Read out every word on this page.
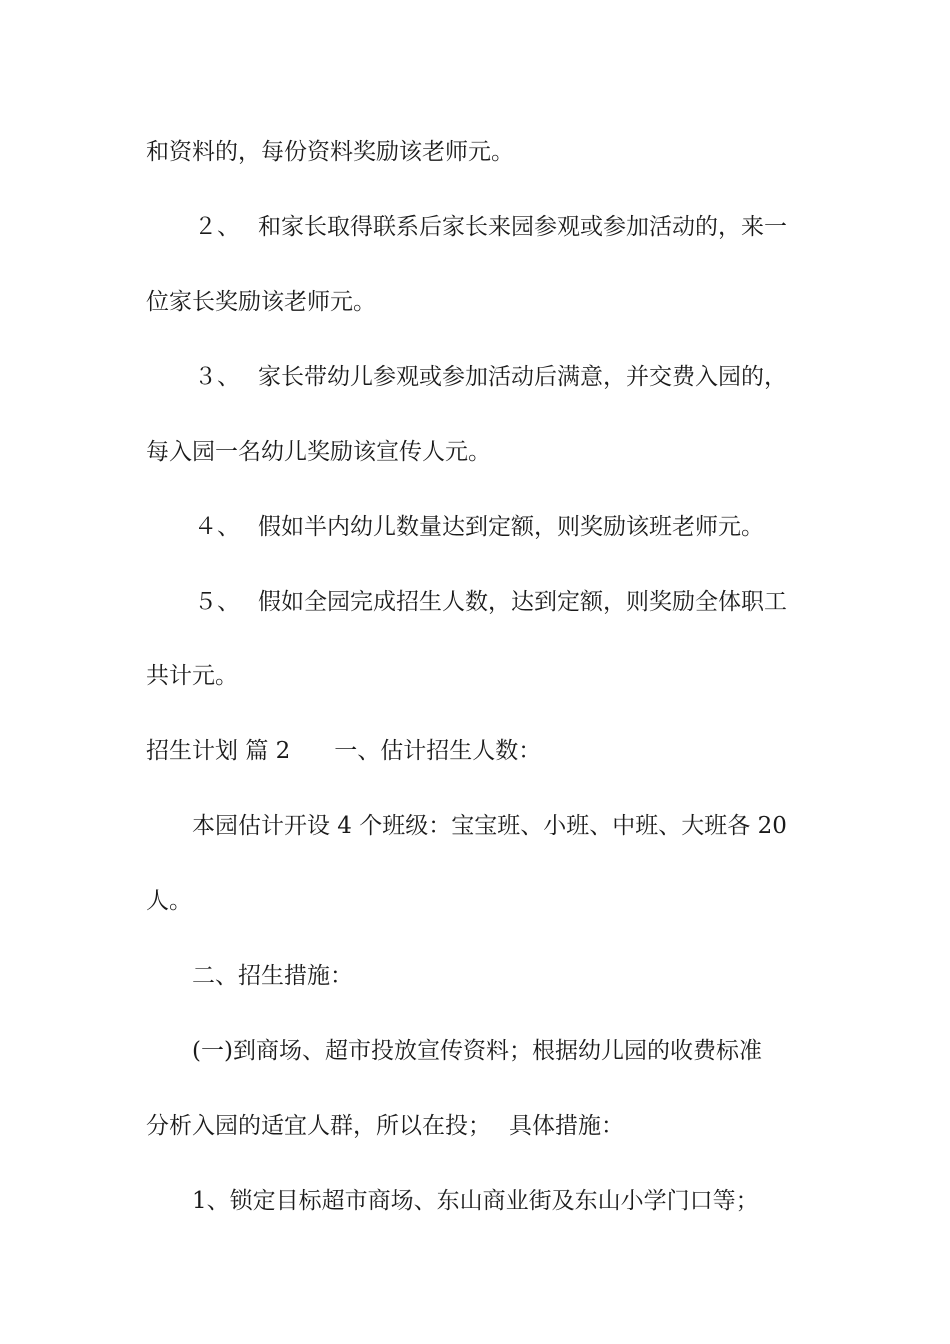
和资料的，每份资料奖励该老师元。
２、 和家长取得联系后家长来园参观或参加活动的，来一
位家长奖励该老师元。
３、 家长带幼儿参观或参加活动后满意，并交费入园的，
每入园一名幼儿奖励该宣传人元。
４、 假如半内幼儿数量达到定额，则奖励该班老师元。
５、 假如全园完成招生人数，达到定额，则奖励全体职工
共计元。
招生计划 篇 2 一、估计招生人数：
本园估计开设 4 个班级：宝宝班、小班、中班、大班各 20
人。
二、招生措施：
(一)到商场、超市投放宣传资料；根据幼儿园的收费标准
分析入园的适宜人群，所以在投； 具体措施：
1、锁定目标超市商场、东山商业街及东山小学门口等；
